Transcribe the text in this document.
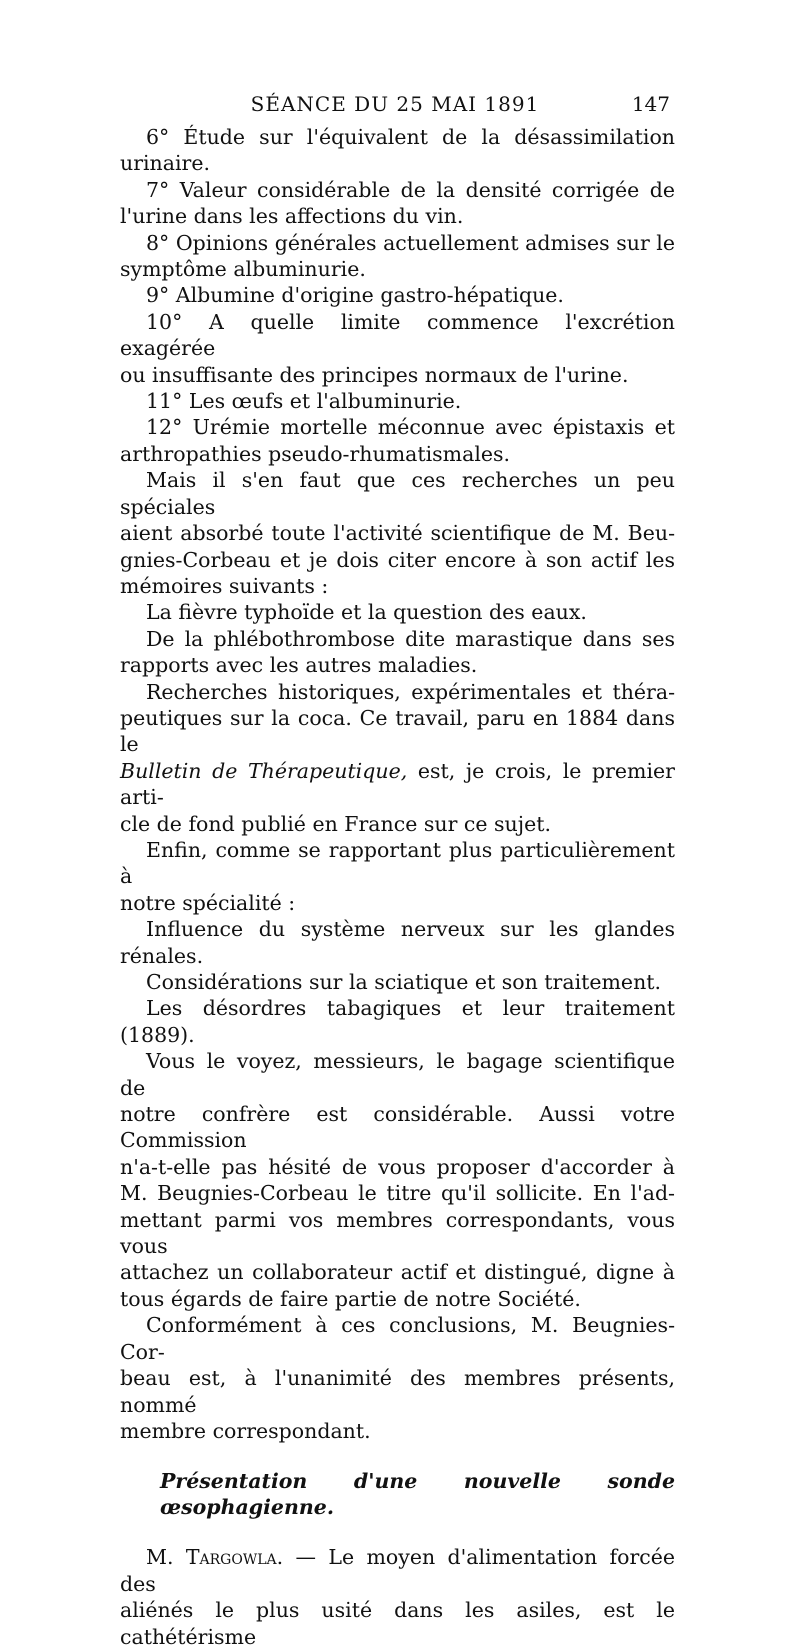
SÉANCE DU 25 MAI 1891	147

6° Étude sur l'équivalent de la désassimilation urinaire.

7° Valeur considérable de la densité corrigée de
l'urine dans les affections du vin.

8° Opinions générales actuellement admises sur le
symptôme albuminurie.

9° Albumine d'origine gastro-hépatique.

10° A quelle limite commence l'excrétion exagérée
ou insuffisante des principes normaux de l'urine.

11° Les œufs et l'albuminurie.

12° Urémie mortelle méconnue avec épistaxis et
arthropathies pseudo-rhumatismales.

Mais il s'en faut que ces recherches un peu spéciales
aient absorbé toute l'activité scientifique de M. Beu-
gnies-Corbeau et je dois citer encore à son actif les
mémoires suivants :

La fièvre typhoïde et la question des eaux.

De la phlébothrombose dite marastique dans ses
rapports avec les autres maladies.

Recherches historiques, expérimentales et théra-
peutiques sur la coca. Ce travail, paru en 1884 dans le
Bulletin de Thérapeutique, est, je crois, le premier arti-
cle de fond publié en France sur ce sujet.

Enfin, comme se rapportant plus particulièrement à
notre spécialité :

Influence du système nerveux sur les glandes rénales.

Considérations sur la sciatique et son traitement.

Les désordres tabagiques et leur traitement (1889).

Vous le voyez, messieurs, le bagage scientifique de
notre confrère est considérable. Aussi votre Commission
n'a-t-elle pas hésité de vous proposer d'accorder à
M. Beugnies-Corbeau le titre qu'il sollicite. En l'ad-
mettant parmi vos membres correspondants, vous vous
attachez un collaborateur actif et distingué, digne à
tous égards de faire partie de notre Société.

Conformément à ces conclusions, M. Beugnies-Cor-
beau est, à l'unanimité des membres présents, nommé
membre correspondant.

Présentation d'une nouvelle sonde œsophagienne.

M. Targowla. — Le moyen d'alimentation forcée des
aliénés le plus usité dans les asiles, est le cathétérisme
